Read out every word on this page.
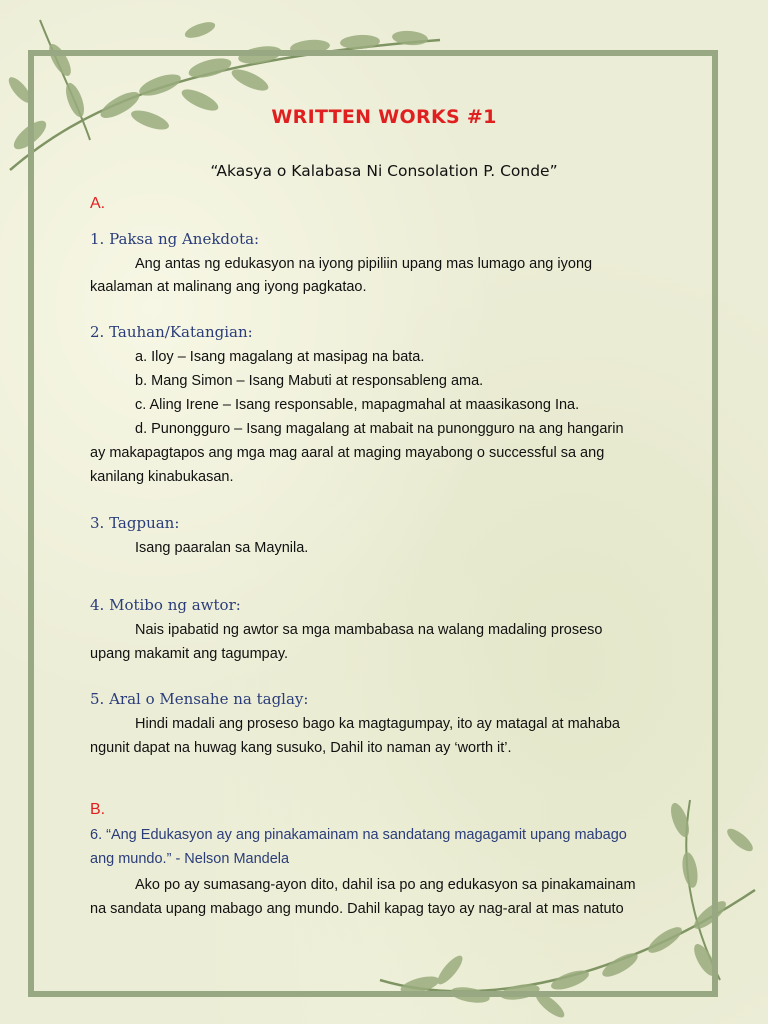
WRITTEN WORKS #1
“Akasya o Kalabasa Ni Consolation P. Conde”
A.
1. Paksa ng Anekdota:
Ang antas ng edukasyon na iyong pipiliin upang mas lumago ang iyong
kaalaman at malinang ang iyong pagkatao.
2. Tauhan/Katangian:
a. Iloy – Isang magalang at masipag na bata.
b. Mang Simon – Isang Mabuti at responsableng ama.
c. Aling Irene – Isang responsable, mapagmahal at maasikasong Ina.
d. Punongguro – Isang magalang at mabait na punongguro na ang hangarin
ay makapagtapos ang mga mag aaral at maging mayabong o successful sa ang
kanilang kinabukasan.
3. Tagpuan:
Isang paaralan sa Maynila.
4. Motibo ng awtor:
Nais ipabatid ng awtor sa mga mambabasa na walang madaling proseso
upang makamit ang tagumpay.
5. Aral o Mensahe na taglay:
Hindi madali ang proseso bago ka magtagumpay, ito ay matagal at mahaba
ngunit dapat na huwag kang susuko, Dahil ito naman ay ‘worth it’.
B.
6. “Ang Edukasyon ay ang pinakamainam na sandatang magagamit upang mabago
ang mundo.” - Nelson Mandela
Ako po ay sumasang-ayon dito, dahil isa po ang edukasyon sa pinakamainam
na sandata upang mabago ang mundo. Dahil kapag tayo ay nag-aral at mas natuto
